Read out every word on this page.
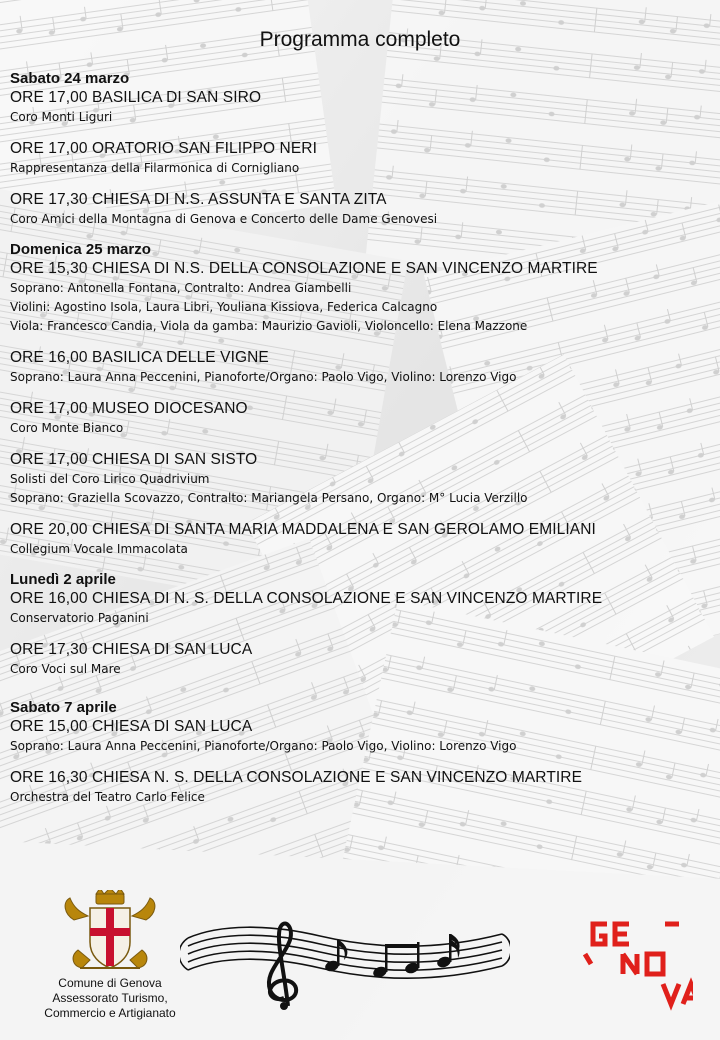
Programma completo
Sabato 24 marzo
ORE 17,00 BASILICA DI SAN SIRO
Coro Monti Liguri
ORE 17,00 ORATORIO SAN FILIPPO NERI
Rappresentanza della Filarmonica di Cornigliano
ORE 17,30 CHIESA DI N.S. ASSUNTA E SANTA ZITA
Coro Amici della Montagna di Genova e Concerto delle Dame Genovesi
Domenica 25 marzo
ORE 15,30 CHIESA DI N.S. DELLA CONSOLAZIONE E SAN VINCENZO MARTIRE
Soprano: Antonella Fontana, Contralto: Andrea Giambelli
Violini: Agostino Isola, Laura Libri, Youliana Kissiova, Federica Calcagno
Viola: Francesco Candia, Viola da gamba: Maurizio Gavioli, Violoncello: Elena Mazzone
ORE 16,00 BASILICA DELLE VIGNE
Soprano: Laura Anna Peccenini, Pianoforte/Organo: Paolo Vigo, Violino: Lorenzo Vigo
ORE 17,00 MUSEO DIOCESANO
Coro Monte Bianco
ORE 17,00 CHIESA DI SAN SISTO
Solisti del Coro Lirico Quadrivium
Soprano: Graziella Scovazzo, Contralto: Mariangela Persano, Organo: M° Lucia Verzillo
ORE 20,00 CHIESA DI SANTA MARIA MADDALENA E SAN GEROLAMO EMILIANI
Collegium Vocale Immacolata
Lunedì 2 aprile
ORE 16,00 CHIESA DI N. S. DELLA CONSOLAZIONE E SAN VINCENZO MARTIRE
Conservatorio Paganini
ORE 17,30 CHIESA DI SAN LUCA
Coro Voci sul Mare
Sabato 7 aprile
ORE 15,00 CHIESA DI SAN LUCA
Soprano: Laura Anna Peccenini, Pianoforte/Organo: Paolo Vigo, Violino: Lorenzo Vigo
ORE 16,30 CHIESA N. S. DELLA CONSOLAZIONE E SAN VINCENZO MARTIRE
Orchestra del Teatro Carlo Felice
Comune di Genova
Assessorato Turismo,
Commercio e Artigianato
